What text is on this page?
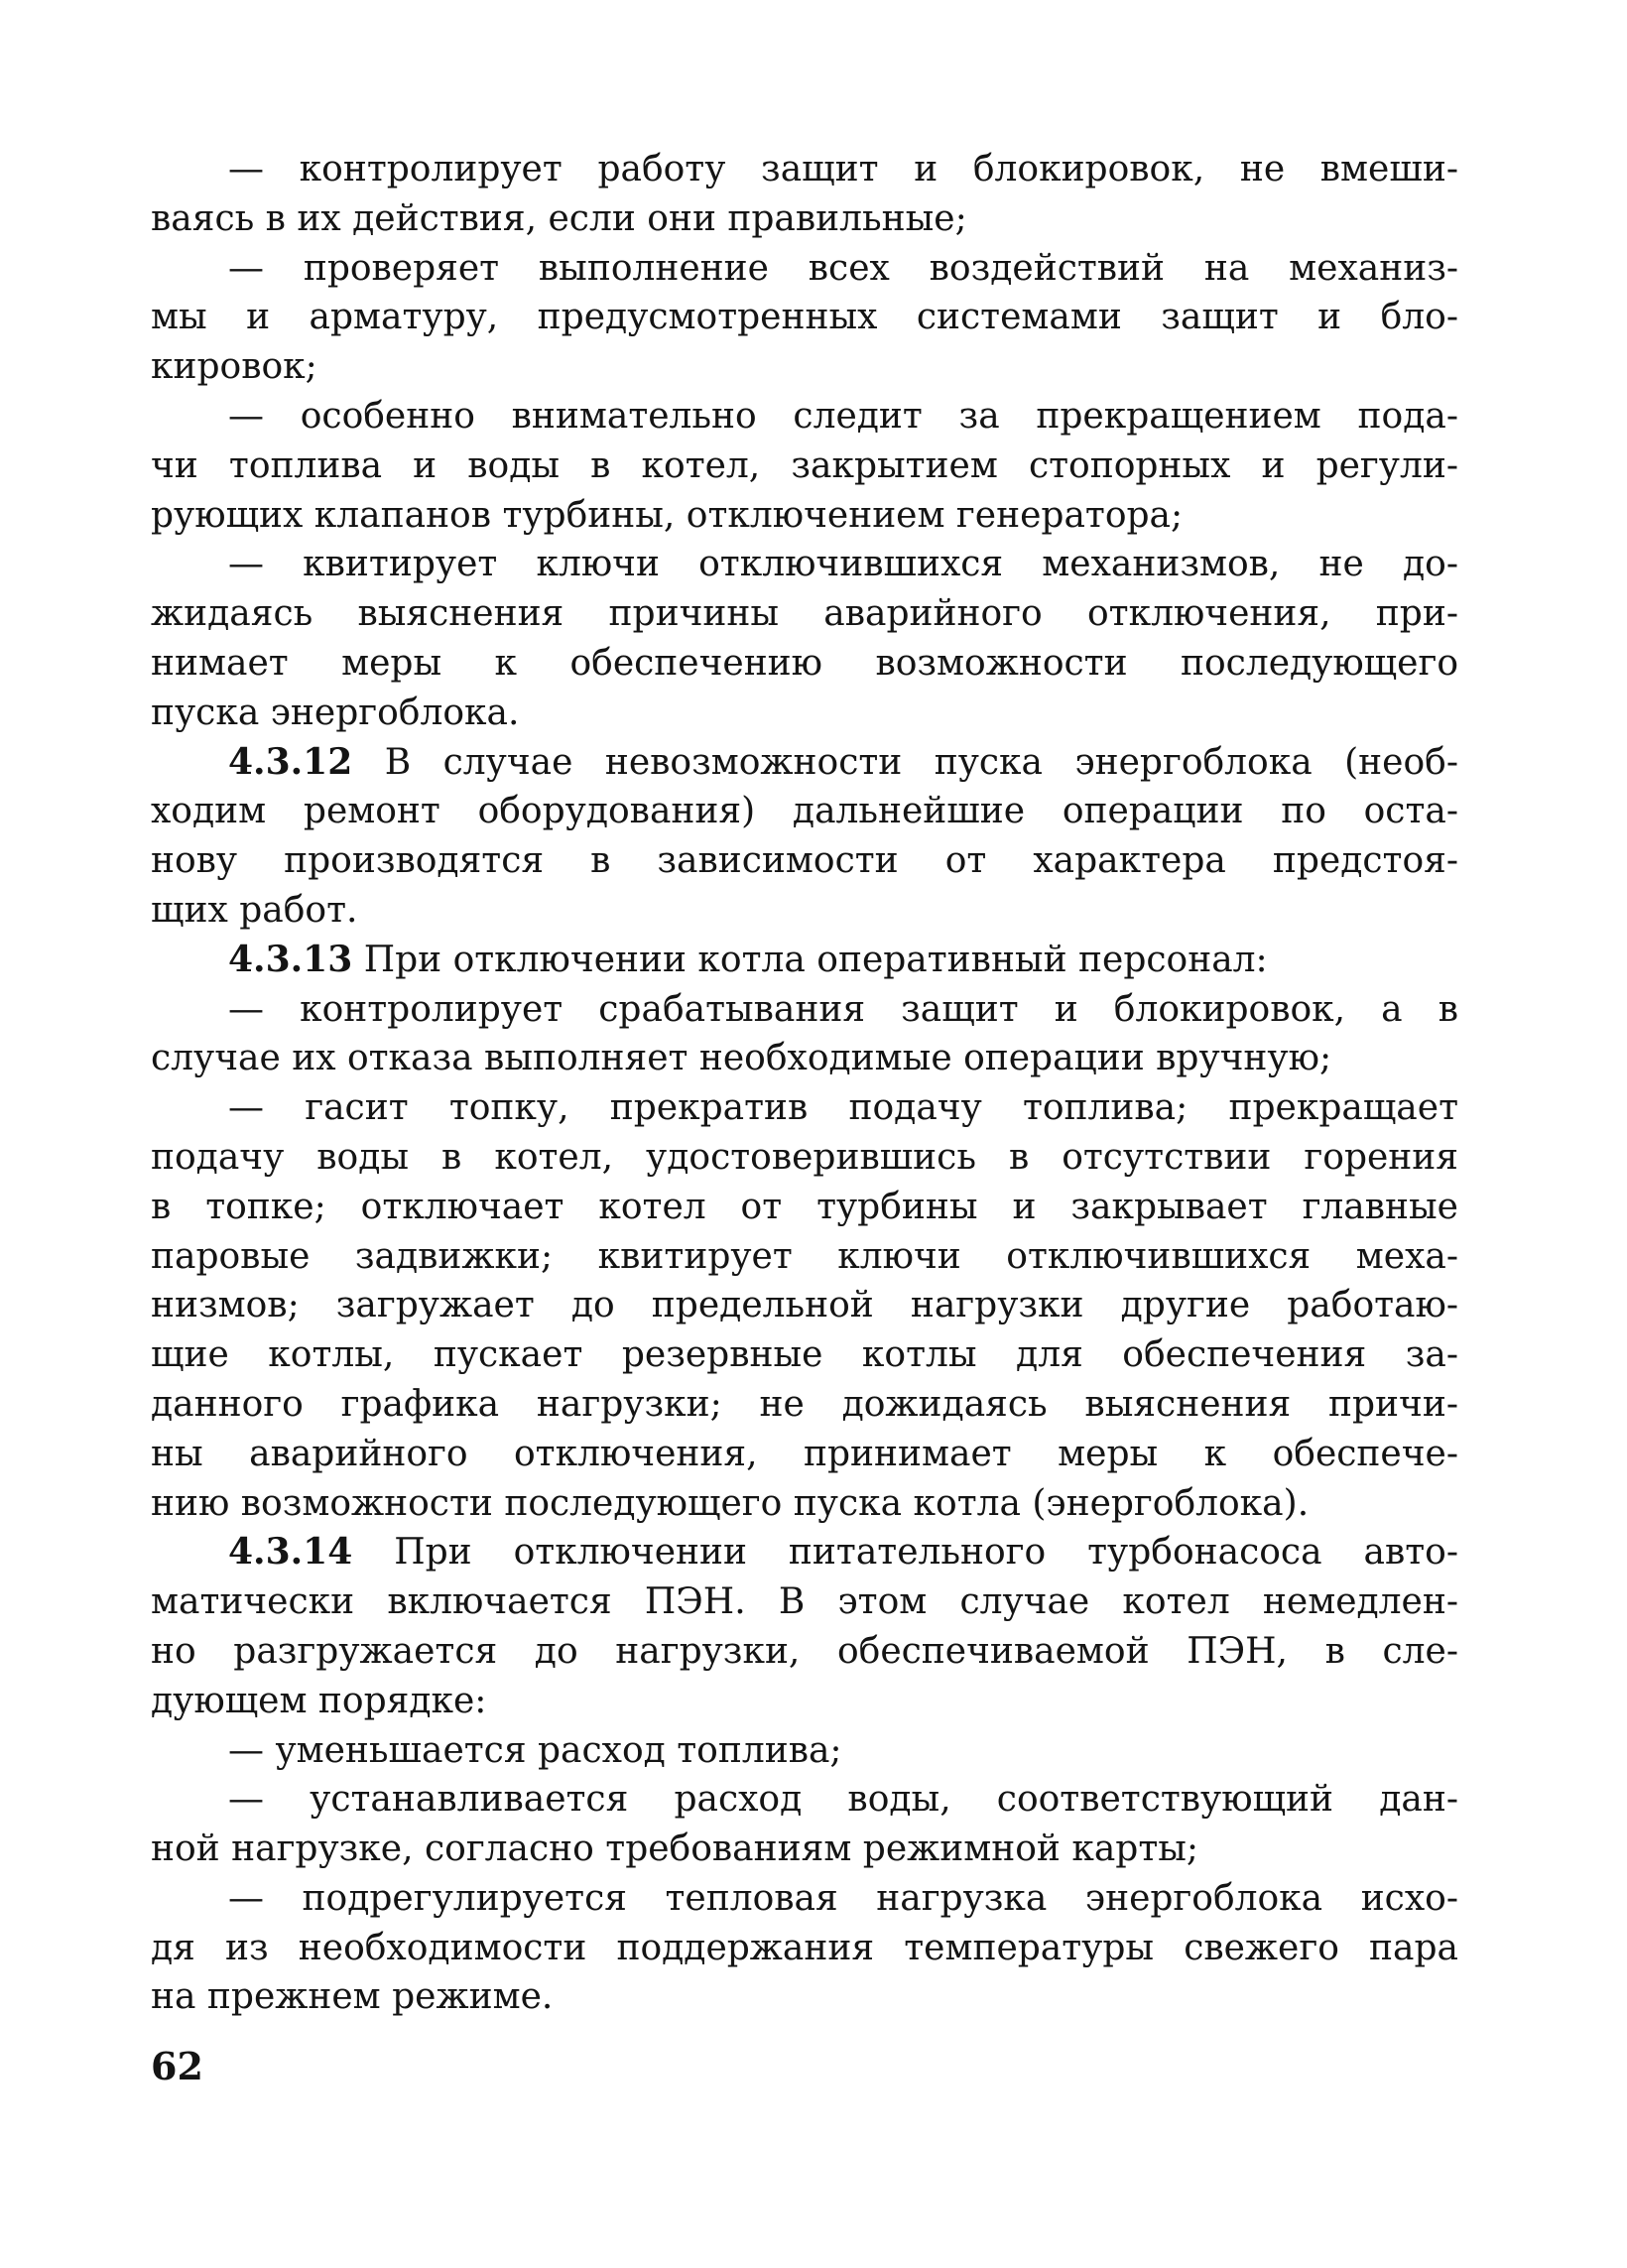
— контролирует работу защит и блокировок, не вмеши-
ваясь в их действия, если они правильные;
— проверяет выполнение всех воздействий на механиз-
мы и арматуру, предусмотренных системами защит и бло-
кировок;
— особенно внимательно следит за прекращением пода-
чи топлива и воды в котел, закрытием стопорных и регули-
рующих клапанов турбины, отключением генератора;
— квитирует ключи отключившихся механизмов, не до-
жидаясь выяснения причины аварийного отключения, при-
нимает меры к обеспечению возможности последующего
пуска энергоблока.
4.3.12 В случае невозможности пуска энергоблока (необ-
ходим ремонт оборудования) дальнейшие операции по оста-
нову производятся в зависимости от характера предстоя-
щих работ.
4.3.13 При отключении котла оперативный персонал:
— контролирует срабатывания защит и блокировок, а в
случае их отказа выполняет необходимые операции вручную;
— гасит топку, прекратив подачу топлива; прекращает
подачу воды в котел, удостоверившись в отсутствии горения
в топке; отключает котел от турбины и закрывает главные
паровые задвижки; квитирует ключи отключившихся меха-
низмов; загружает до предельной нагрузки другие работаю-
щие котлы, пускает резервные котлы для обеспечения за-
данного графика нагрузки; не дожидаясь выяснения причи-
ны аварийного отключения, принимает меры к обеспече-
нию возможности последующего пуска котла (энергоблока).
4.3.14 При отключении питательного турбонасоса авто-
матически включается ПЭН. В этом случае котел немедлен-
но разгружается до нагрузки, обеспечиваемой ПЭН, в сле-
дующем порядке:
— уменьшается расход топлива;
— устанавливается расход воды, соответствующий дан-
ной нагрузке, согласно требованиям режимной карты;
— подрегулируется тепловая нагрузка энергоблока исхо-
дя из необходимости поддержания температуры свежего пара
на прежнем режиме.
62
